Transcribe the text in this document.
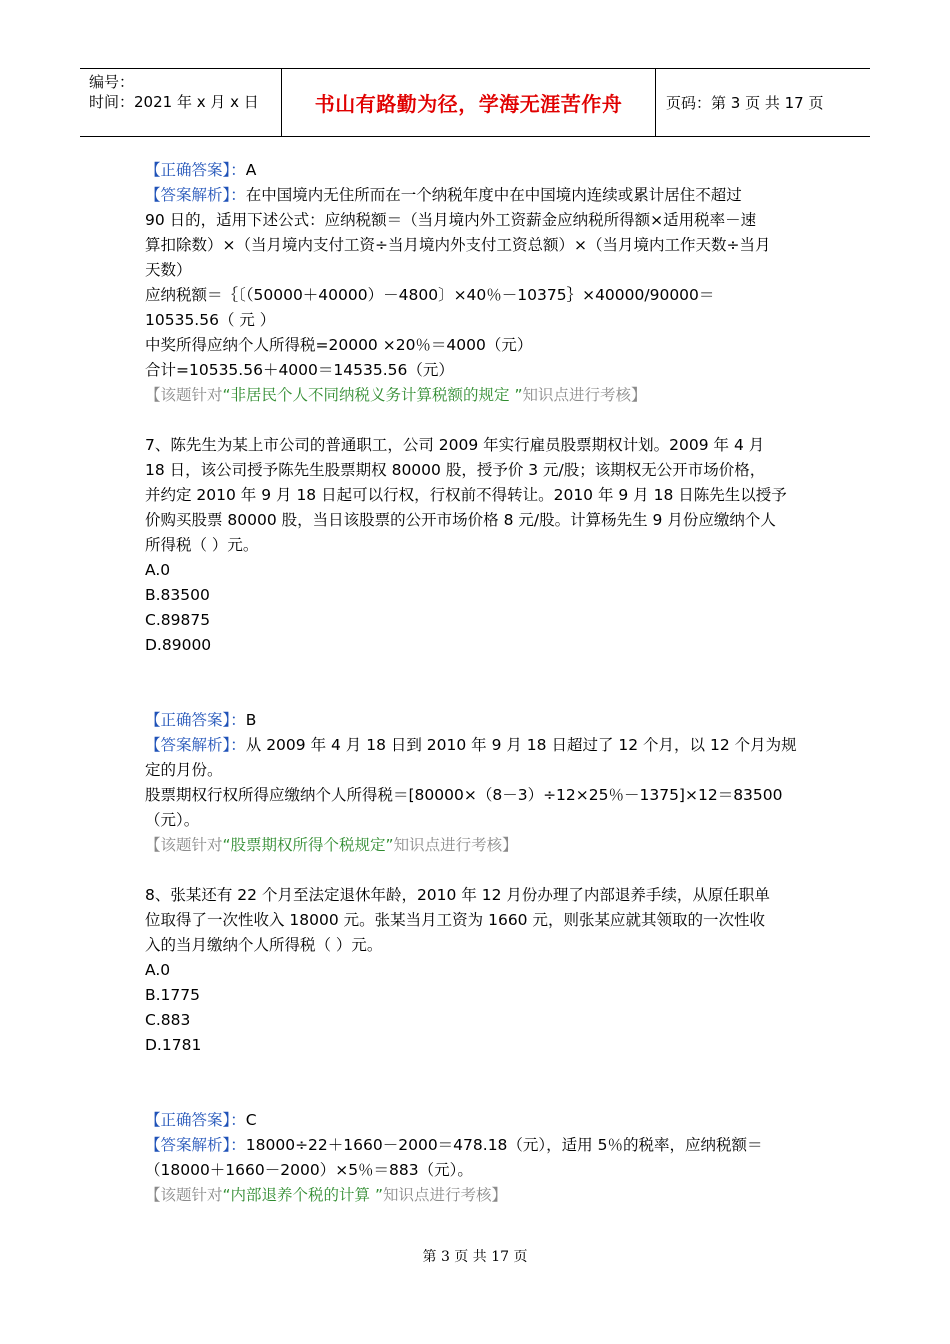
编号：
时间：2021 年 x 月 x 日	书山有路勤为径，学海无涯苦作舟	页码：第 3 页 共 17 页
【正确答案】：A
【答案解析】：在中国境内无住所而在一个纳税年度中在中国境内连续或累计居住不超过
90 日的，适用下述公式：应纳税额＝（当月境内外工资薪金应纳税所得额×适用税率－速
算扣除数）×（当月境内支付工资÷当月境内外支付工资总额）×（当月境内工作天数÷当月
天数）
应纳税额＝｛〔（50000＋40000）－4800〕×40％－10375｝×40000/90000＝
10535.56（ 元 ）
中奖所得应纳个人所得税=20000 ×20％＝4000（元）
合计=10535.56＋4000＝14535.56（元）
【该题针对“非居民个人不同纳税义务计算税额的规定 ”知识点进行考核】
7、陈先生为某上市公司的普通职工，公司 2009 年实行雇员股票期权计划。2009 年 4 月
18 日，该公司授予陈先生股票期权 80000 股，授予价 3 元/股；该期权无公开市场价格，
并约定 2010 年 9 月 18 日起可以行权，行权前不得转让。2010 年 9 月 18 日陈先生以授予
价购买股票 80000 股，当日该股票的公开市场价格 8 元/股。计算杨先生 9 月份应缴纳个人
所得税（ ）元。
A.0
B.83500
C.89875
D.89000
【正确答案】：B
【答案解析】：从 2009 年 4 月 18 日到 2010 年 9 月 18 日超过了 12 个月，以 12 个月为规
定的月份。
股票期权行权所得应缴纳个人所得税＝[80000×（8－3）÷12×25％－1375]×12＝83500
（元）。
【该题针对“股票期权所得个税规定”知识点进行考核】
8、张某还有 22 个月至法定退休年龄，2010 年 12 月份办理了内部退养手续，从原任职单
位取得了一次性收入 18000 元。张某当月工资为 1660 元，则张某应就其领取的一次性收
入的当月缴纳个人所得税（ ）元。
A.0
B.1775
C.883
D.1781
【正确答案】：C
【答案解析】：18000÷22＋1660－2000＝478.18（元），适用 5％的税率，应纳税额＝
（18000＋1660－2000）×5％＝883（元）。
【该题针对“内部退养个税的计算 ”知识点进行考核】
第 3 页 共 17 页
